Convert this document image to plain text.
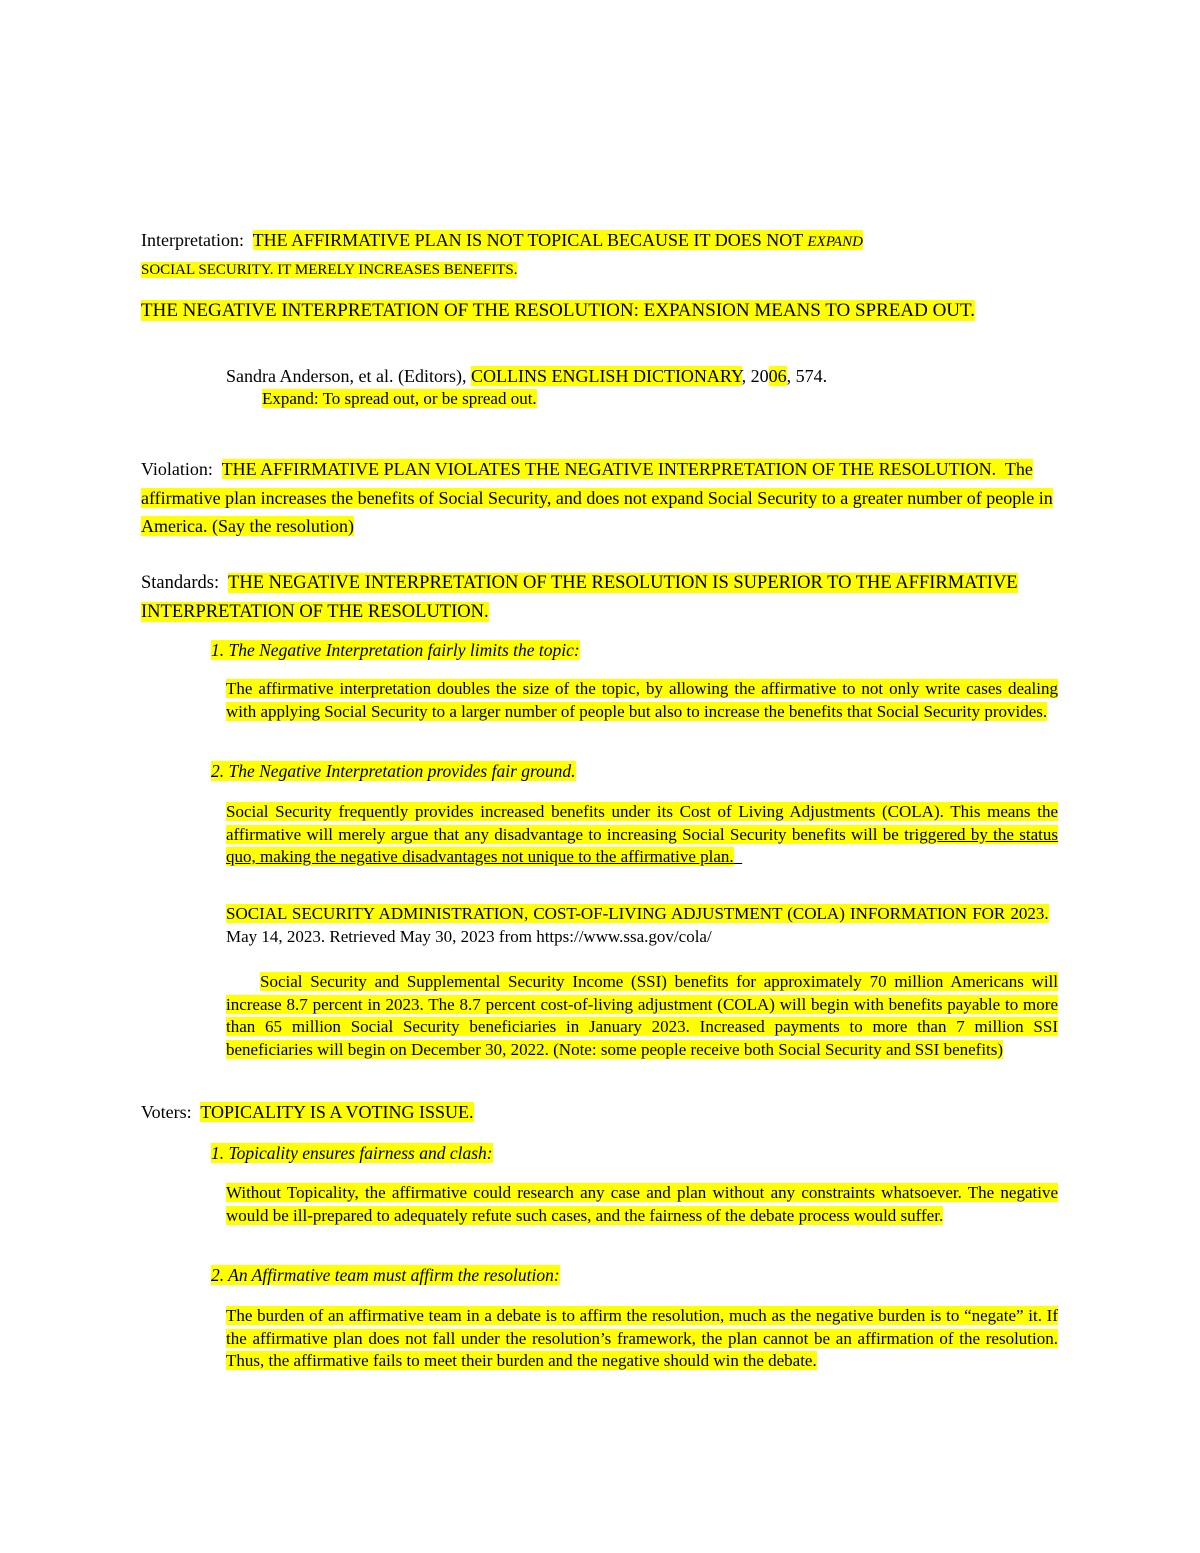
Interpretation: THE AFFIRMATIVE PLAN IS NOT TOPICAL BECAUSE IT DOES NOT EXPAND

SOCIAL SECURITY. IT MERELY INCREASES BENEFITS.

THE NEGATIVE INTERPRETATION OF THE RESOLUTION: EXPANSION MEANS TO SPREAD OUT.

Sandra Anderson, et al. (Editors), COLLINS ENGLISH DICTIONARY, 2006, 574.

Expand: To spread out, or be spread out.

Violation: THE AFFIRMATIVE PLAN VIOLATES THE NEGATIVE INTERPRETATION OF THE RESOLUTION. The affirmative plan increases the benefits of Social Security, and does not expand Social Security to a greater number of people in America. (Say the resolution)

Standards: THE NEGATIVE INTERPRETATION OF THE RESOLUTION IS SUPERIOR TO THE AFFIRMATIVE INTERPRETATION OF THE RESOLUTION.

1. The Negative Interpretation fairly limits the topic:

The affirmative interpretation doubles the size of the topic, by allowing the affirmative to not only write cases dealing with applying Social Security to a larger number of people but also to increase the benefits that Social Security provides.

2. The Negative Interpretation provides fair ground.

Social Security frequently provides increased benefits under its Cost of Living Adjustments (COLA). This means the affirmative will merely argue that any disadvantage to increasing Social Security benefits will be triggered by the status quo, making the negative disadvantages not unique to the affirmative plan.

SOCIAL SECURITY ADMINISTRATION, COST-OF-LIVING ADJUSTMENT (COLA) INFORMATION FOR 2023.   May 14, 2023. Retrieved May 30, 2023 from https://www.ssa.gov/cola/

  Social Security and Supplemental Security Income (SSI) benefits for approximately 70 million Americans will increase 8.7 percent in 2023. The 8.7 percent cost-of-living adjustment (COLA) will begin with benefits payable to more than 65 million Social Security beneficiaries in January 2023. Increased payments to more than 7 million SSI beneficiaries will begin on December 30, 2022. (Note: some people receive both Social Security and SSI benefits)

Voters: TOPICALITY IS A VOTING ISSUE.

1. Topicality ensures fairness and clash:

Without Topicality, the affirmative could research any case and plan without any constraints whatsoever. The negative would be ill-prepared to adequately refute such cases, and the fairness of the debate process would suffer.

2. An Affirmative team must affirm the resolution:

The burden of an affirmative team in a debate is to affirm the resolution, much as the negative burden is to “negate” it. If the affirmative plan does not fall under the resolution’s framework, the plan cannot be an affirmation of the resolution. Thus, the affirmative fails to meet their burden and the negative should win the debate.
